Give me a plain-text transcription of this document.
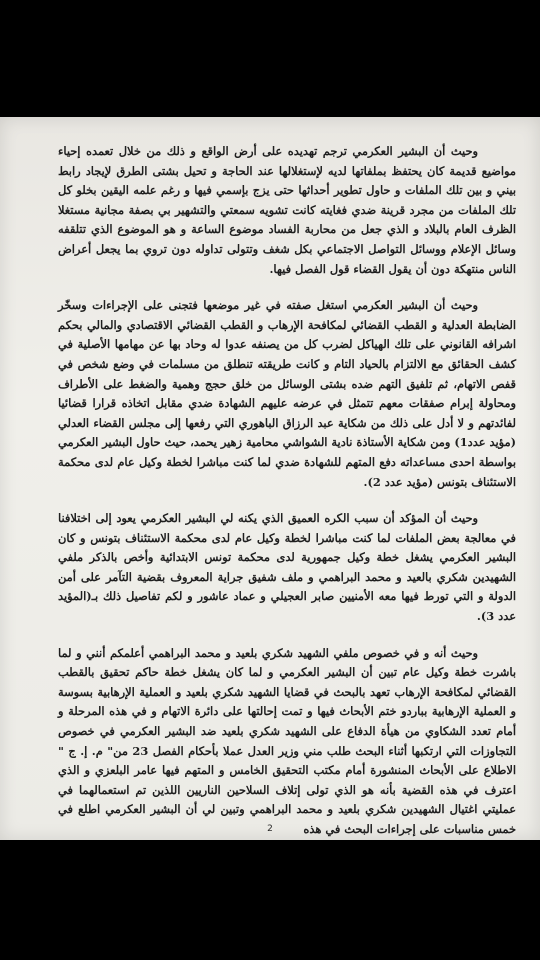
وحيث أن البشير العكرمي ترجم تهديده على أرض الواقع و ذلك من خلال تعمده إحياء مواضيع قديمة كان يحتفظ بملفاتها لديه لإستغلالها عند الحاجة و تحيل بشتى الطرق لإيجاد رابط بيني و بين تلك الملفات و حاول تطوير أحداثها حتى يزج بإسمي فيها و رغم علمه اليقين بخلو كل تلك الملفات من مجرد قرينة ضدي فغايته كانت تشويه سمعتي والتشهير بي بصفة مجانية مستغلا الظرف العام بالبلاد و الذي جعل من محاربة الفساد موضوع الساعة و هو الموضوع الذي تتلقفه وسائل الإعلام ووسائل التواصل الاجتماعي بكل شغف وتتولى تداوله دون تروي بما يجعل أعراض الناس منتهكة دون أن يقول القضاء قول الفصل فيها.

وحيث أن البشير العكرمي استغل صفته في غير موضعها فتجنى على الإجراءات وسخّر الضابطة العدلية و القطب القضائي لمكافحة الإرهاب و القطب القضائي الاقتصادي والمالي بحكم اشرافه القانوني على تلك الهياكل لضرب كل من يصنفه عدوا له وحاد بها عن مهامها الأصلية في كشف الحقائق مع الالتزام بالحياد التام و كانت طريقته تنطلق من مسلمات في وضع شخص في قفص الاتهام، ثم تلفيق التهم ضده بشتى الوسائل من خلق حجج وهمية والضغط على الأطراف ومحاولة إبرام صفقات معهم تتمثل في عرضه عليهم الشهادة ضدي مقابل اتخاذه قرارا قضائيا لفائدتهم و لا أدل على ذلك من شكاية عبد الرزاق الباهوري التي رفعها إلى مجلس القضاء العدلي (مؤيد عدد1) ومن شكاية الأستاذة نادية الشواشي محامية زهير يحمد، حيث حاول البشير العكرمي بواسطة احدى مساعداته دفع المتهم للشهادة ضدي لما كنت مباشرا لخطة وكيل عام لدى محكمة الاستئناف بتونس (مؤيد عدد 2).

وحيث أن المؤكد أن سبب الكره العميق الذي يكنه لي البشير العكرمي يعود إلى اختلافنا في معالجة بعض الملفات لما كنت مباشرا لخطة وكيل عام لدى محكمة الاستئناف بتونس و كان البشير العكرمي يشغل خطة وكيل جمهورية لدى محكمة تونس الابتدائية وأخص بالذكر ملفي الشهيدين شكري بالعيد و محمد البراهمي و ملف شفيق جراية المعروف بقضية التآمر على أمن الدولة و التي تورط فيها معه الأمنيين صابر العجيلي و عماد عاشور و لكم تفاصيل ذلك بـ(المؤيد عدد 3).

وحيث أنه و في خصوص ملفي الشهيد شكري بلعيد و محمد البراهمي أعلمكم أنني و لما باشرت خطة وكيل عام تبين أن البشير العكرمي و لما كان يشغل خطة حاكم تحقيق بالقطب القضائي لمكافحة الإرهاب تعهد بالبحث في قضايا الشهيد شكري بلعيد و العملية الإرهابية بسوسة و العملية الإرهابية بباردو ختم الأبحاث فيها و تمت إحالتها على دائرة الاتهام و في هذه المرحلة و أمام تعدد الشكاوي من هيأة الدفاع على الشهيد شكري بلعيد ضد البشير العكرمي في خصوص التجاوزات التي ارتكبها أثناء البحث طلب مني وزير العدل عملا بأحكام الفصل 23 من" م. إ. ج " الاطلاع على الأبحاث المنشورة أمام مكتب التحقيق الخامس و المتهم فيها عامر البلعزي و الذي اعترف في هذه القضية بأنه هو الذي تولى إتلاف السلاحين الناريين اللذين تم استعمالهما في عمليتي اغتيال الشهيدين شكري بلعيد و محمد البراهمي وتبين لي أن البشير العكرمي اطلع في خمس مناسبات على إجراءات البحث في هذه

2
